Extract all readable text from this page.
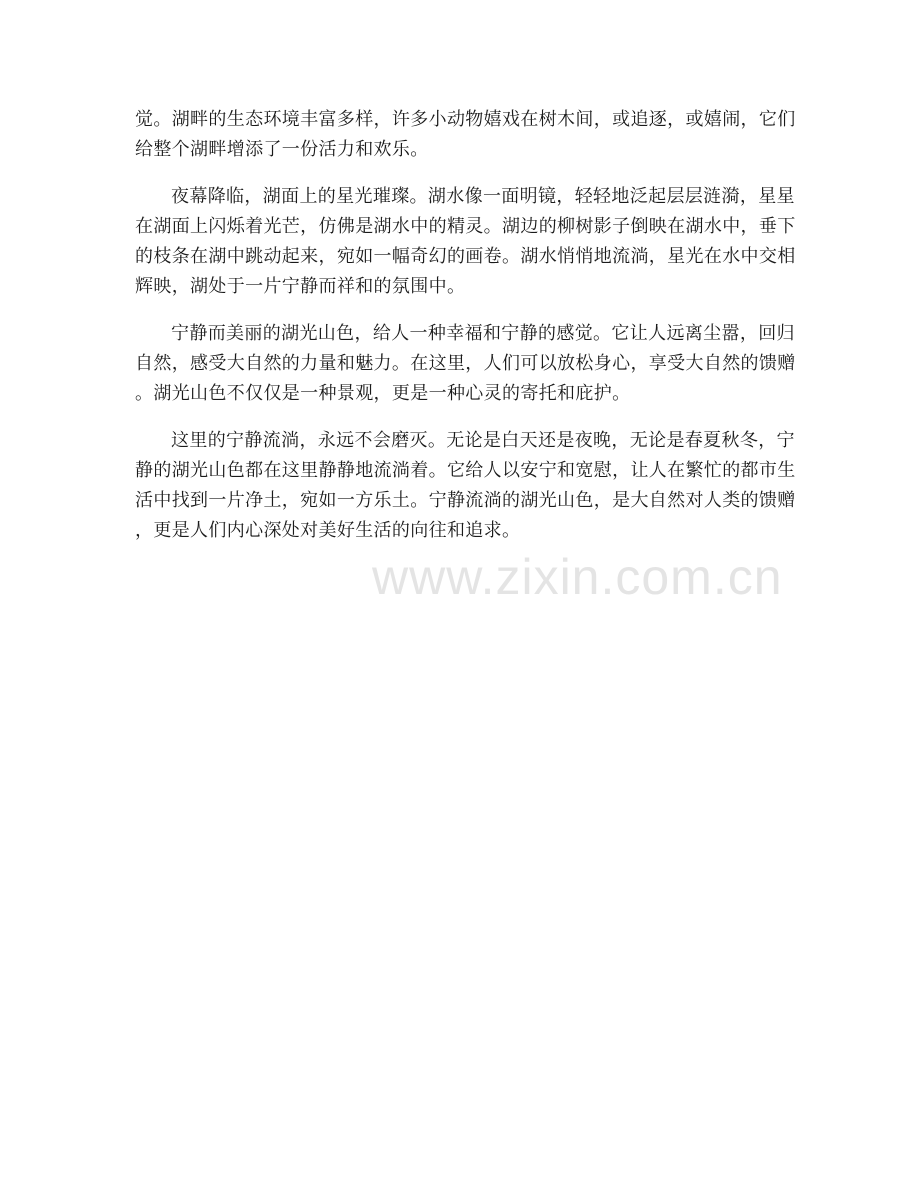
觉。湖畔的生态环境丰富多样，许多小动物嬉戏在树木间，或追逐，或嬉闹，它们
给整个湖畔增添了一份活力和欢乐。
夜幕降临，湖面上的星光璀璨。湖水像一面明镜，轻轻地泛起层层涟漪，星星
在湖面上闪烁着光芒，仿佛是湖水中的精灵。湖边的柳树影子倒映在湖水中，垂下
的枝条在湖中跳动起来，宛如一幅奇幻的画卷。湖水悄悄地流淌，星光在水中交相
辉映，湖处于一片宁静而祥和的氛围中。
宁静而美丽的湖光山色，给人一种幸福和宁静的感觉。它让人远离尘嚣，回归
自然，感受大自然的力量和魅力。在这里，人们可以放松身心，享受大自然的馈赠
。湖光山色不仅仅是一种景观，更是一种心灵的寄托和庇护。
这里的宁静流淌，永远不会磨灭。无论是白天还是夜晚，无论是春夏秋冬，宁
静的湖光山色都在这里静静地流淌着。它给人以安宁和宽慰，让人在繁忙的都市生
活中找到一片净土，宛如一方乐土。宁静流淌的湖光山色，是大自然对人类的馈赠
，更是人们内心深处对美好生活的向往和追求。
www.zixin.com.cn
